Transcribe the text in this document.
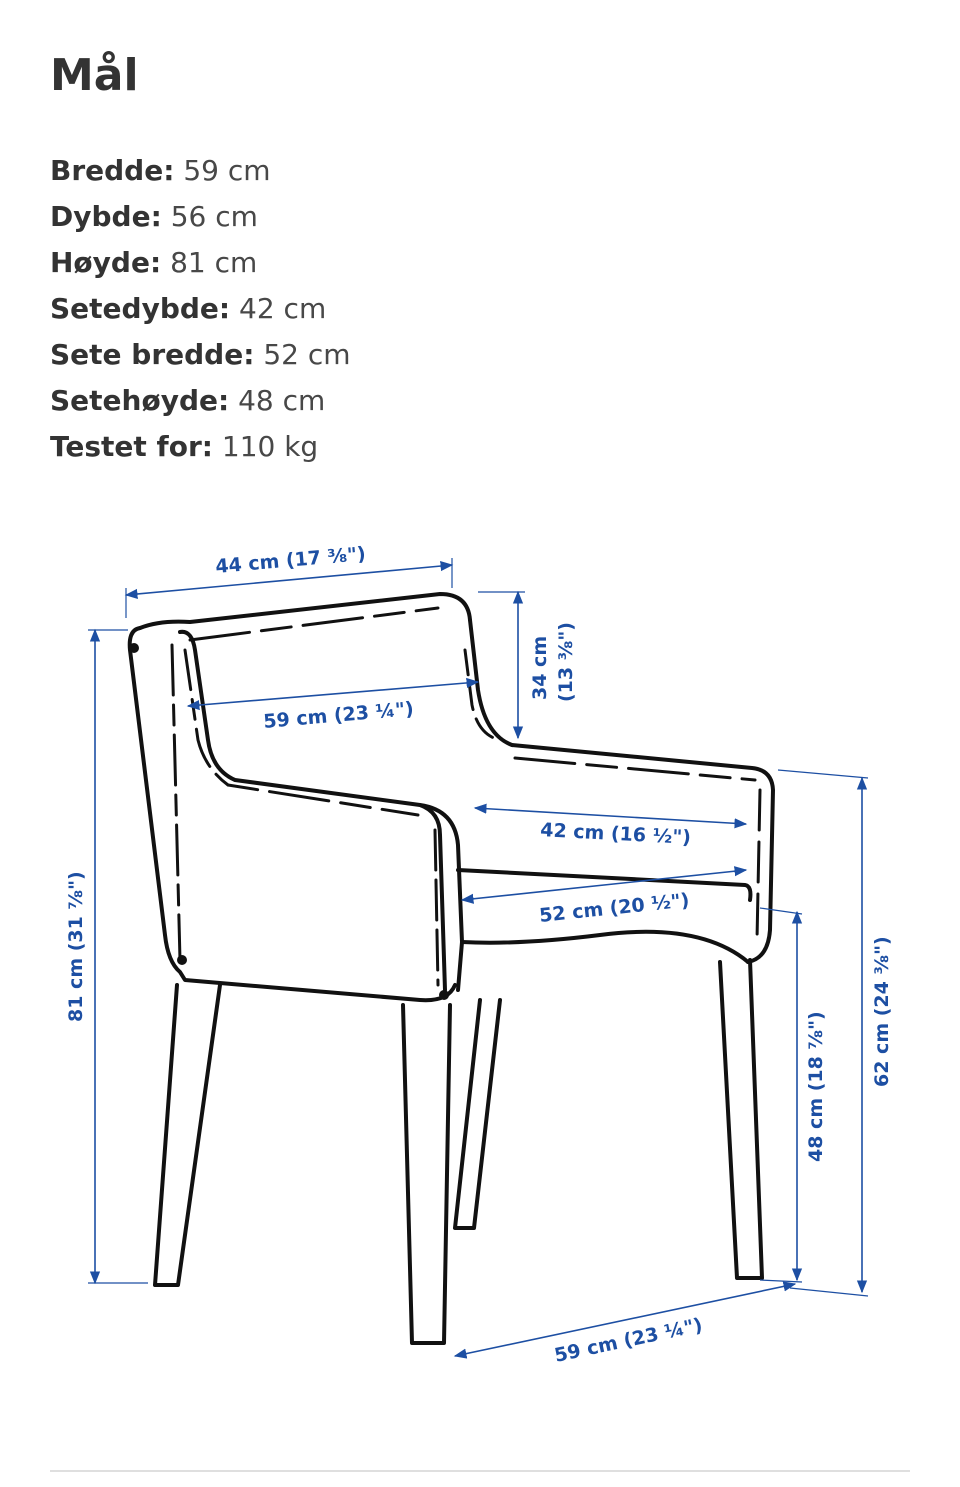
Mål
Bredde: 59 cm
Dybde: 56 cm
Høyde: 81 cm
Setedybde: 42 cm
Sete bredde: 52 cm
Setehøyde: 48 cm
Testet for: 110 kg
44 cm (17 ⅜")
34 cm (13 ⅜")
59 cm (23 ¼")
42 cm (16 ½")
52 cm (20 ½")
81 cm (31 ⅞")	62 cm (24 ⅜")
48 cm (18 ⅞")
59 cm (23 ¼")
